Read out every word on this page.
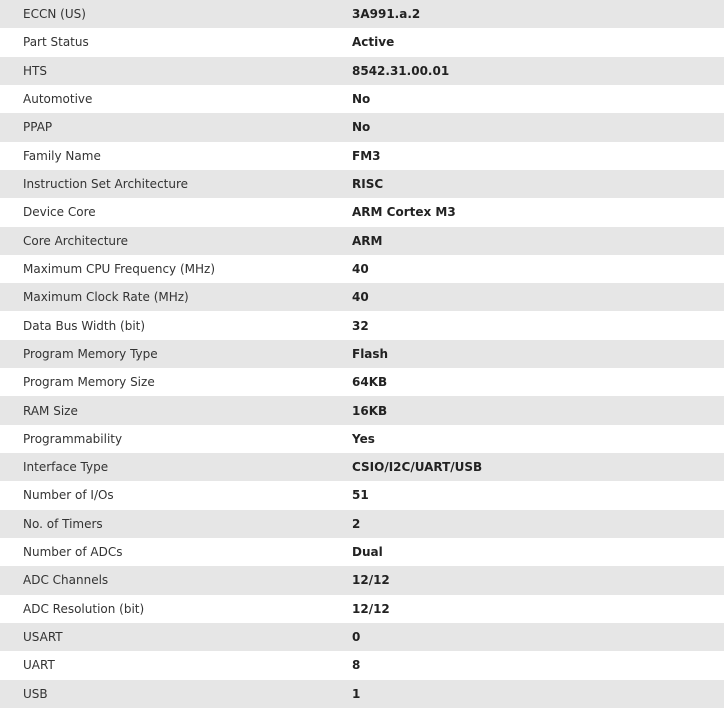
ECCN (US)	3A991.a.2
Part Status	Active
HTS	8542.31.00.01
Automotive	No
PPAP	No
Family Name	FM3
Instruction Set Architecture	RISC
Device Core	ARM Cortex M3
Core Architecture	ARM
Maximum CPU Frequency (MHz)	40
Maximum Clock Rate (MHz)	40
Data Bus Width (bit)	32
Program Memory Type	Flash
Program Memory Size	64KB
RAM Size	16KB
Programmability	Yes
Interface Type	CSIO/I2C/UART/USB
Number of I/Os	51
No. of Timers	2
Number of ADCs	Dual
ADC Channels	12/12
ADC Resolution (bit)	12/12
USART	0
UART	8
USB	1
